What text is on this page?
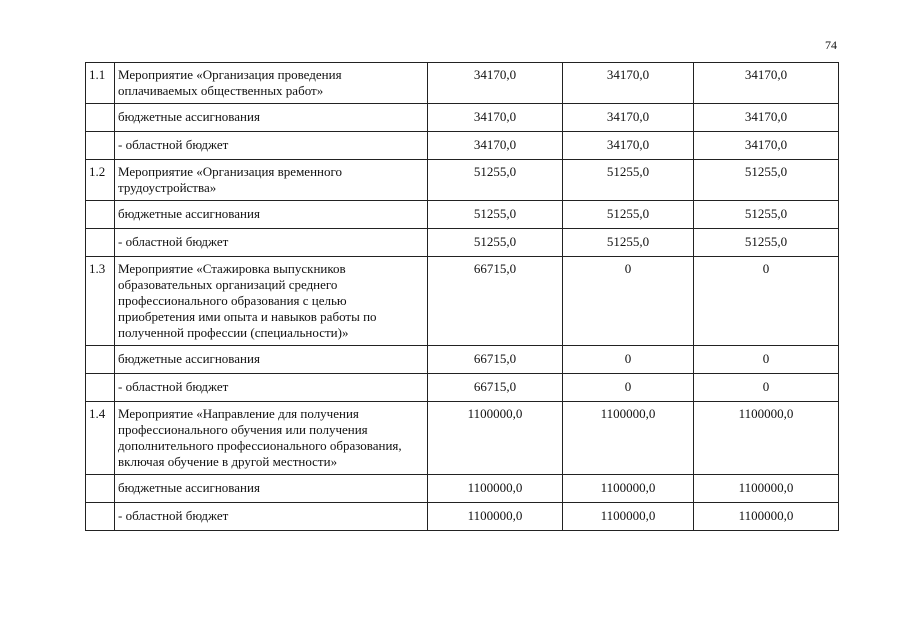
74
1.1	Мероприятие «Организация проведения оплачиваемых общественных работ»	34170,0	34170,0	34170,0
	бюджетные ассигнования	34170,0	34170,0	34170,0
	- областной бюджет	34170,0	34170,0	34170,0
1.2	Мероприятие «Организация временного трудоустройства»	51255,0	51255,0	51255,0
	бюджетные ассигнования	51255,0	51255,0	51255,0
	- областной бюджет	51255,0	51255,0	51255,0
1.3	Мероприятие «Стажировка выпускников образовательных организаций среднего профессионального образования с целью приобретения ими опыта и навыков работы по полученной профессии (специальности)»	66715,0	0	0
	бюджетные ассигнования	66715,0	0	0
	- областной бюджет	66715,0	0	0
1.4	Мероприятие «Направление для получения профессионального обучения или получения дополнительного профессионального образования, включая обучение в другой местности»	1100000,0	1100000,0	1100000,0
	бюджетные ассигнования	1100000,0	1100000,0	1100000,0
	- областной бюджет	1100000,0	1100000,0	1100000,0
